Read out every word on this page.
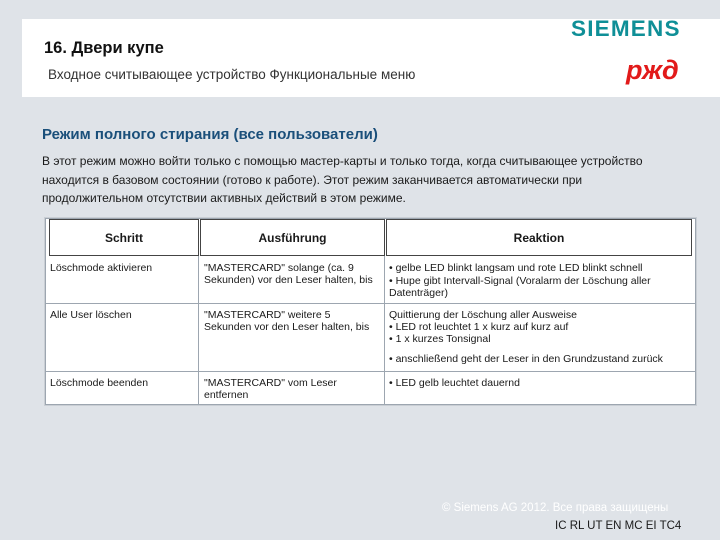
16. Двери купе
Входное считывающее устройство Функциональные меню
SIEMENS
ржд
Режим полного стирания (все пользователи)
В этот режим можно войти только с помощью мастер-карты и только тогда, когда считывающее устройство находится в базовом состоянии (готово к работе). Этот режим заканчивается автоматически при продолжительном отсутствии активных действий в этом режиме.
Schritt	Ausführung	Reaktion
Löschmode aktivieren	"MASTERCARD" solange (ca. 9 Sekunden) vor den Leser halten, bis
• gelbe LED blinkt langsam und rote LED blinkt schnell
• Hupe gibt Intervall-Signal (Voralarm der Löschung aller Datenträger)
Alle User löschen	"MASTERCARD" weitere 5 Sekunden vor den Leser halten, bis
Quittierung der Löschung aller Ausweise
• LED rot leuchtet 1 x kurz auf kurz auf
• 1 x kurzes Tonsignal
• anschließend geht der Leser in den Grundzustand zurück
Löschmode beenden	"MASTERCARD" vom Leser entfernen
• LED gelb leuchtet dauernd
© Siemens AG 2012. Все права защищены
IC RL UT EN MC EI TC4
